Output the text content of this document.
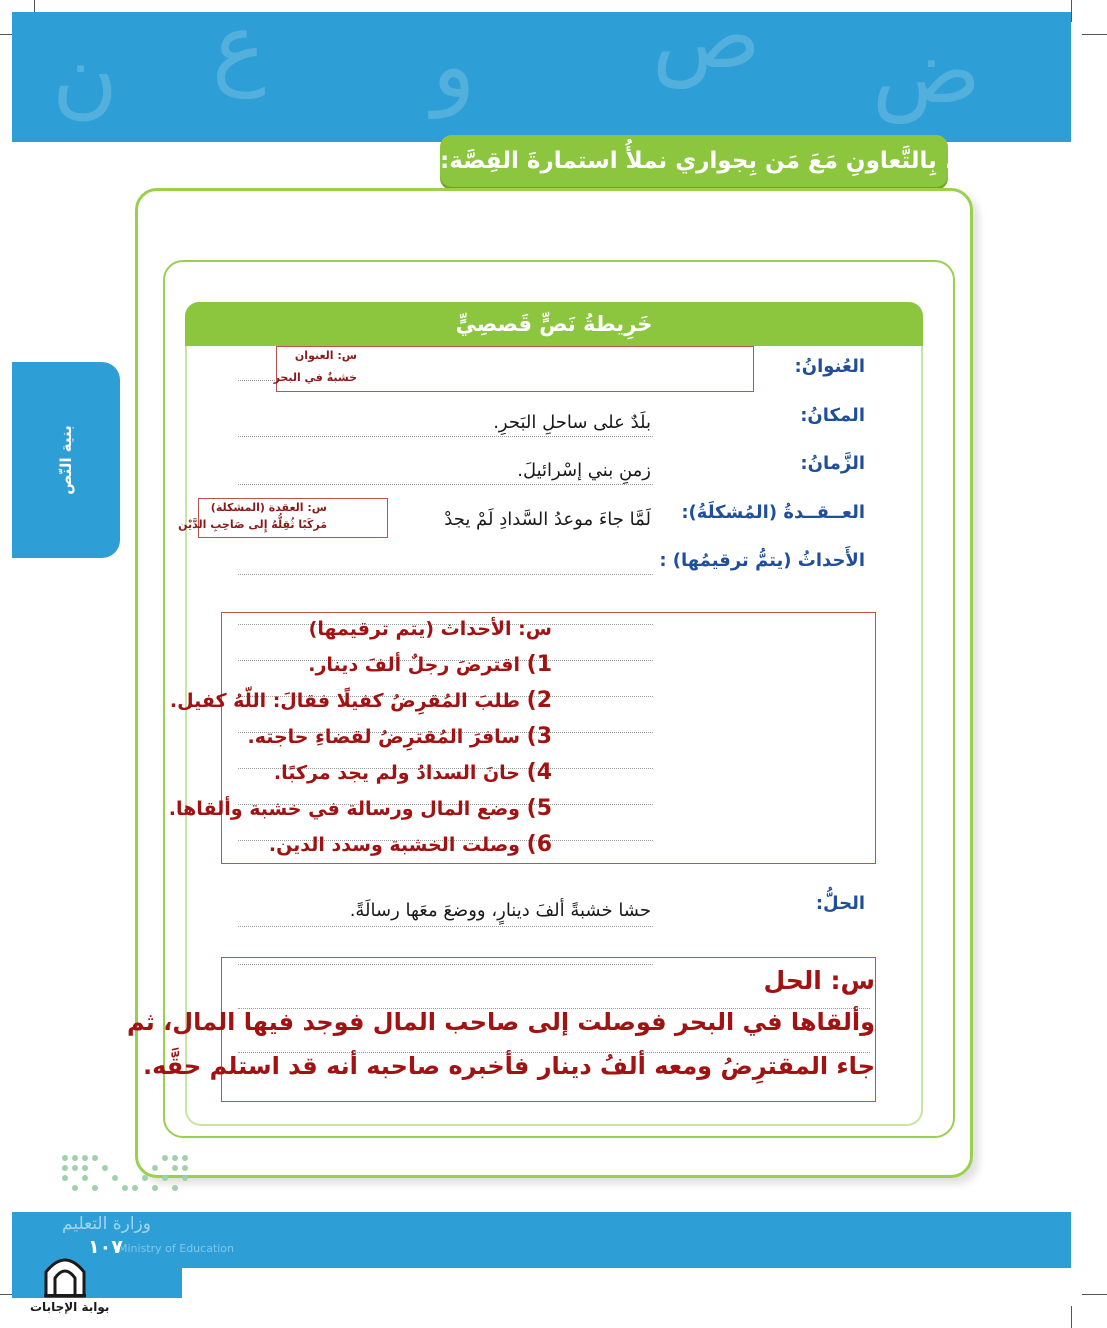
ن ع و ص ض
ب. بِالتَّعاونِ مَعَ مَن بِجواري نملأُ استمارةَ القِصَّة:
خَرِيطةُ نَصٍّ قَصصِيٍّ
العُنوانُ:
س: العنوان
خشبةٌ في البحر
المكانُ:
بلَدٌ على ساحلِ البَحرِ.
الزَّمانُ:
زمنِ بني إسْرائيلَ.
العــقــدةُ (المُشكلَةُ):
لَمَّا جاءَ موعدُ السَّدادِ لَمْ يجدْ
س: العقدة (المشكلة)
مَركَبًا ثُقِلُّهُ إِلى صَاحِبِ الدَّيْن
الأَحداثُ (يتمُّ ترقيمُها) :
س: الأحداث (يتم ترقيمها)
1) اقترضَ رجلٌ ألفَ دينار.
2) طلبَ المُقرِضُ كفيلًا فقالَ: اللّهُ كفيل.
3) سافرَ المُقترِضُ لقضاءِ حاجته.
4) حانَ السدادُ ولم يجد مركبًا.
5) وضع المال ورسالة في خشبة وألقاها.
6) وصلت الخشبة وسدد الدين.
الحلُّ:
حشا خشبةً ألفَ دينارٍ، ووضعَ معَها رسالَةً.
س: الحل
وألقاها في البحر فوصلت إلى صاحب المال فوجد فيها المال، ثم
جاء المقترِضُ ومعه ألفُ دينار فأخبره صاحبه أنه قد استلم حقَّه.
بنية النّص
وزارة التعليم
Ministry of Education
١٠٧
بوابة الإجابات
